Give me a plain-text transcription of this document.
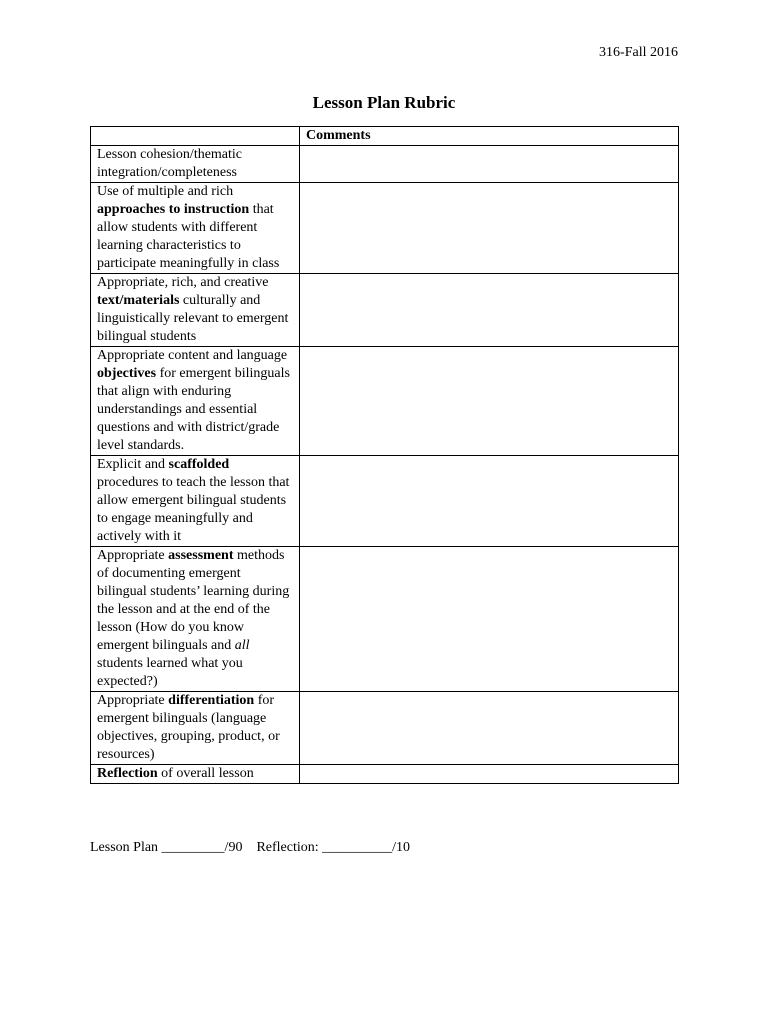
316-Fall 2016
Lesson Plan Rubric
	Comments
Lesson cohesion/thematic integration/completeness	
Use of multiple and rich approaches to instruction that allow students with different learning characteristics to participate meaningfully in class	
Appropriate, rich, and creative text/materials culturally and linguistically relevant to emergent bilingual students	
Appropriate content and language objectives for emergent bilinguals that align with enduring understandings and essential questions and with district/grade level standards.	
Explicit and scaffolded procedures to teach the lesson that allow emergent bilingual students to engage meaningfully and actively with it	
Appropriate assessment methods of documenting emergent bilingual students’ learning during the lesson and at the end of the lesson (How do you know emergent bilinguals and all students learned what you expected?)	
Appropriate differentiation for emergent bilinguals (language objectives, grouping, product, or resources)	
Reflection of overall lesson	
Lesson Plan _________/90 Reflection: __________/10
